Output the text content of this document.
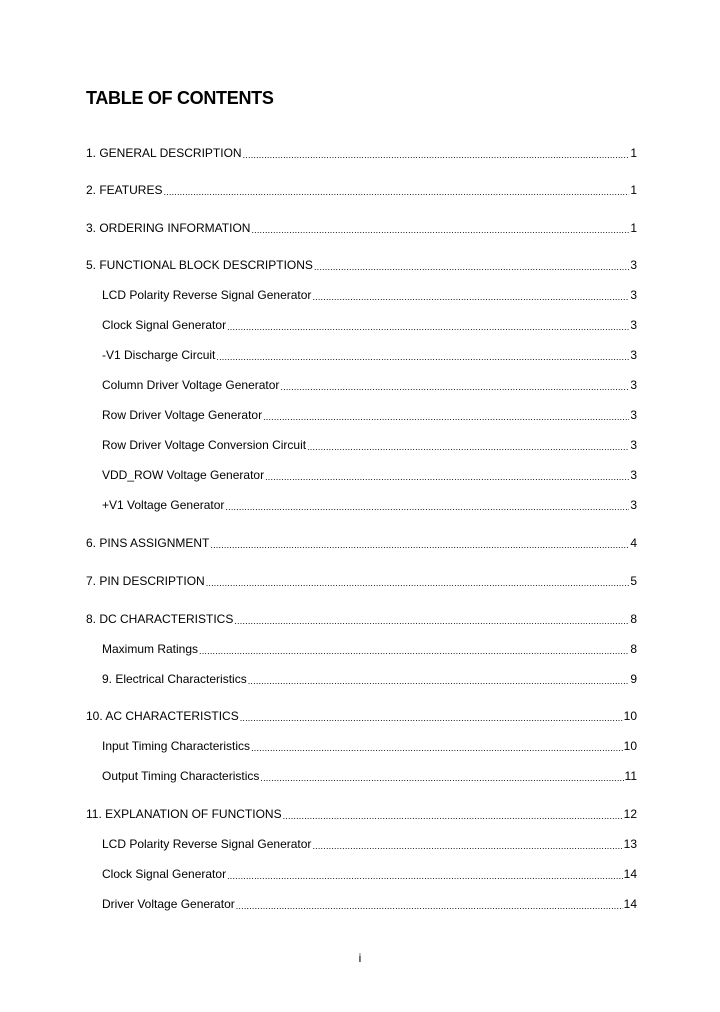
TABLE OF CONTENTS
1. GENERAL DESCRIPTION .....	1
2. FEATURES .....	1
3. ORDERING INFORMATION .....	1
5. FUNCTIONAL BLOCK DESCRIPTIONS .....	3
LCD Polarity Reverse Signal Generator .....	3
Clock Signal Generator .....	3
-V1 Discharge Circuit .....	3
Column Driver Voltage Generator .....	3
Row Driver Voltage Generator .....	3
Row Driver Voltage Conversion Circuit .....	3
VDD_ROW Voltage Generator .....	3
+V1 Voltage Generator .....	3
6. PINS ASSIGNMENT .....	4
7. PIN DESCRIPTION .....	5
8. DC CHARACTERISTICS .....	8
Maximum Ratings .....	8
9. Electrical Characteristics .....	9
10. AC CHARACTERISTICS .....	10
Input Timing Characteristics .....	10
Output Timing Characteristics .....	11
11. EXPLANATION OF FUNCTIONS .....	12
LCD Polarity Reverse Signal Generator .....	13
Clock Signal Generator .....	14
Driver Voltage Generator .....	14
i
